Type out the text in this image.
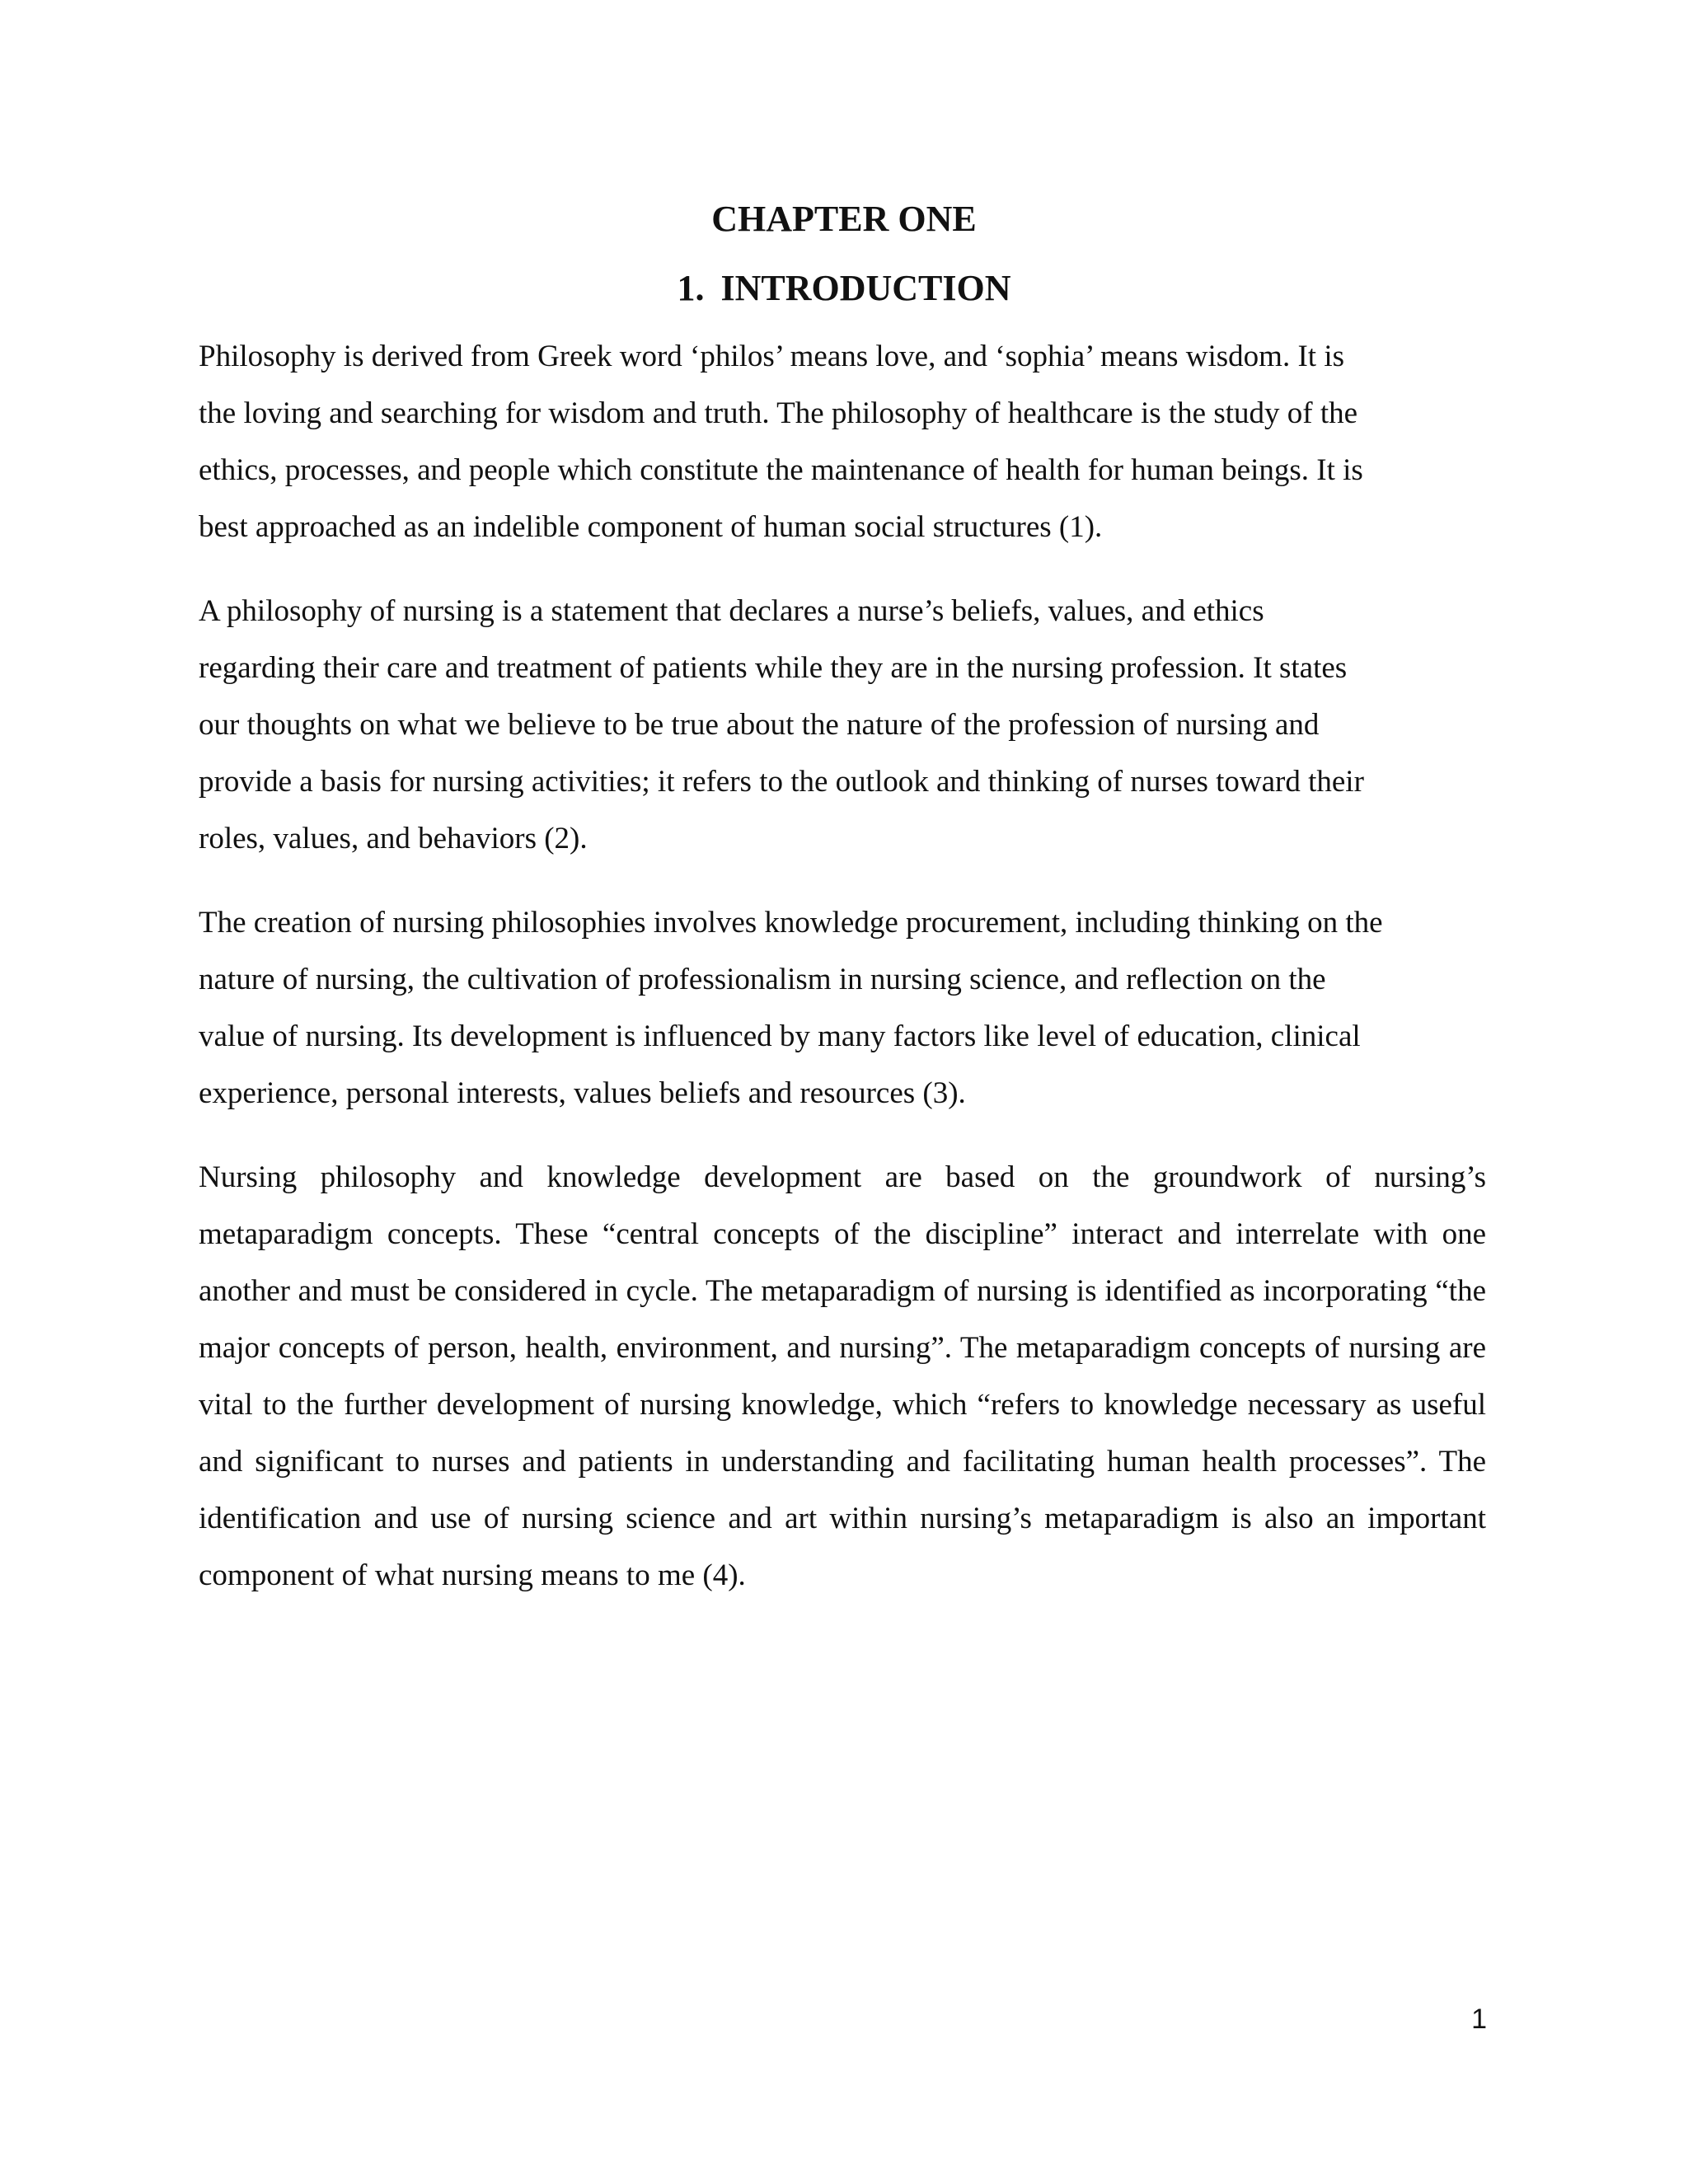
CHAPTER ONE
1. INTRODUCTION

Philosophy is derived from Greek word ‘philos’ means love, and ‘sophia’ means wisdom. It is
the loving and searching for wisdom and truth. The philosophy of healthcare is the study of the
ethics, processes, and people which constitute the maintenance of health for human beings. It is
best approached as an indelible component of human social structures (1).

A philosophy of nursing is a statement that declares a nurse’s beliefs, values, and ethics
regarding their care and treatment of patients while they are in the nursing profession. It states
our thoughts on what we believe to be true about the nature of the profession of nursing and
provide a basis for nursing activities; it refers to the outlook and thinking of nurses toward their
roles, values, and behaviors (2).

The creation of nursing philosophies involves knowledge procurement, including thinking on the
nature of nursing, the cultivation of professionalism in nursing science, and reflection on the
value of nursing. Its development is influenced by many factors like level of education, clinical
experience, personal interests, values beliefs and resources (3).

Nursing philosophy and knowledge development are based on the groundwork of nursing’s metaparadigm concepts. These “central concepts of the discipline” interact and interrelate with one another and must be considered in cycle. The metaparadigm of nursing is identified as incorporating “the major concepts of person, health, environment, and nursing”. The metaparadigm concepts of nursing are vital to the further development of nursing knowledge, which “refers to knowledge necessary as useful and significant to nurses and patients in understanding and facilitating human health processes”. The identification and use of nursing science and art within nursing’s metaparadigm is also an important component of what nursing means to me (4).

1
